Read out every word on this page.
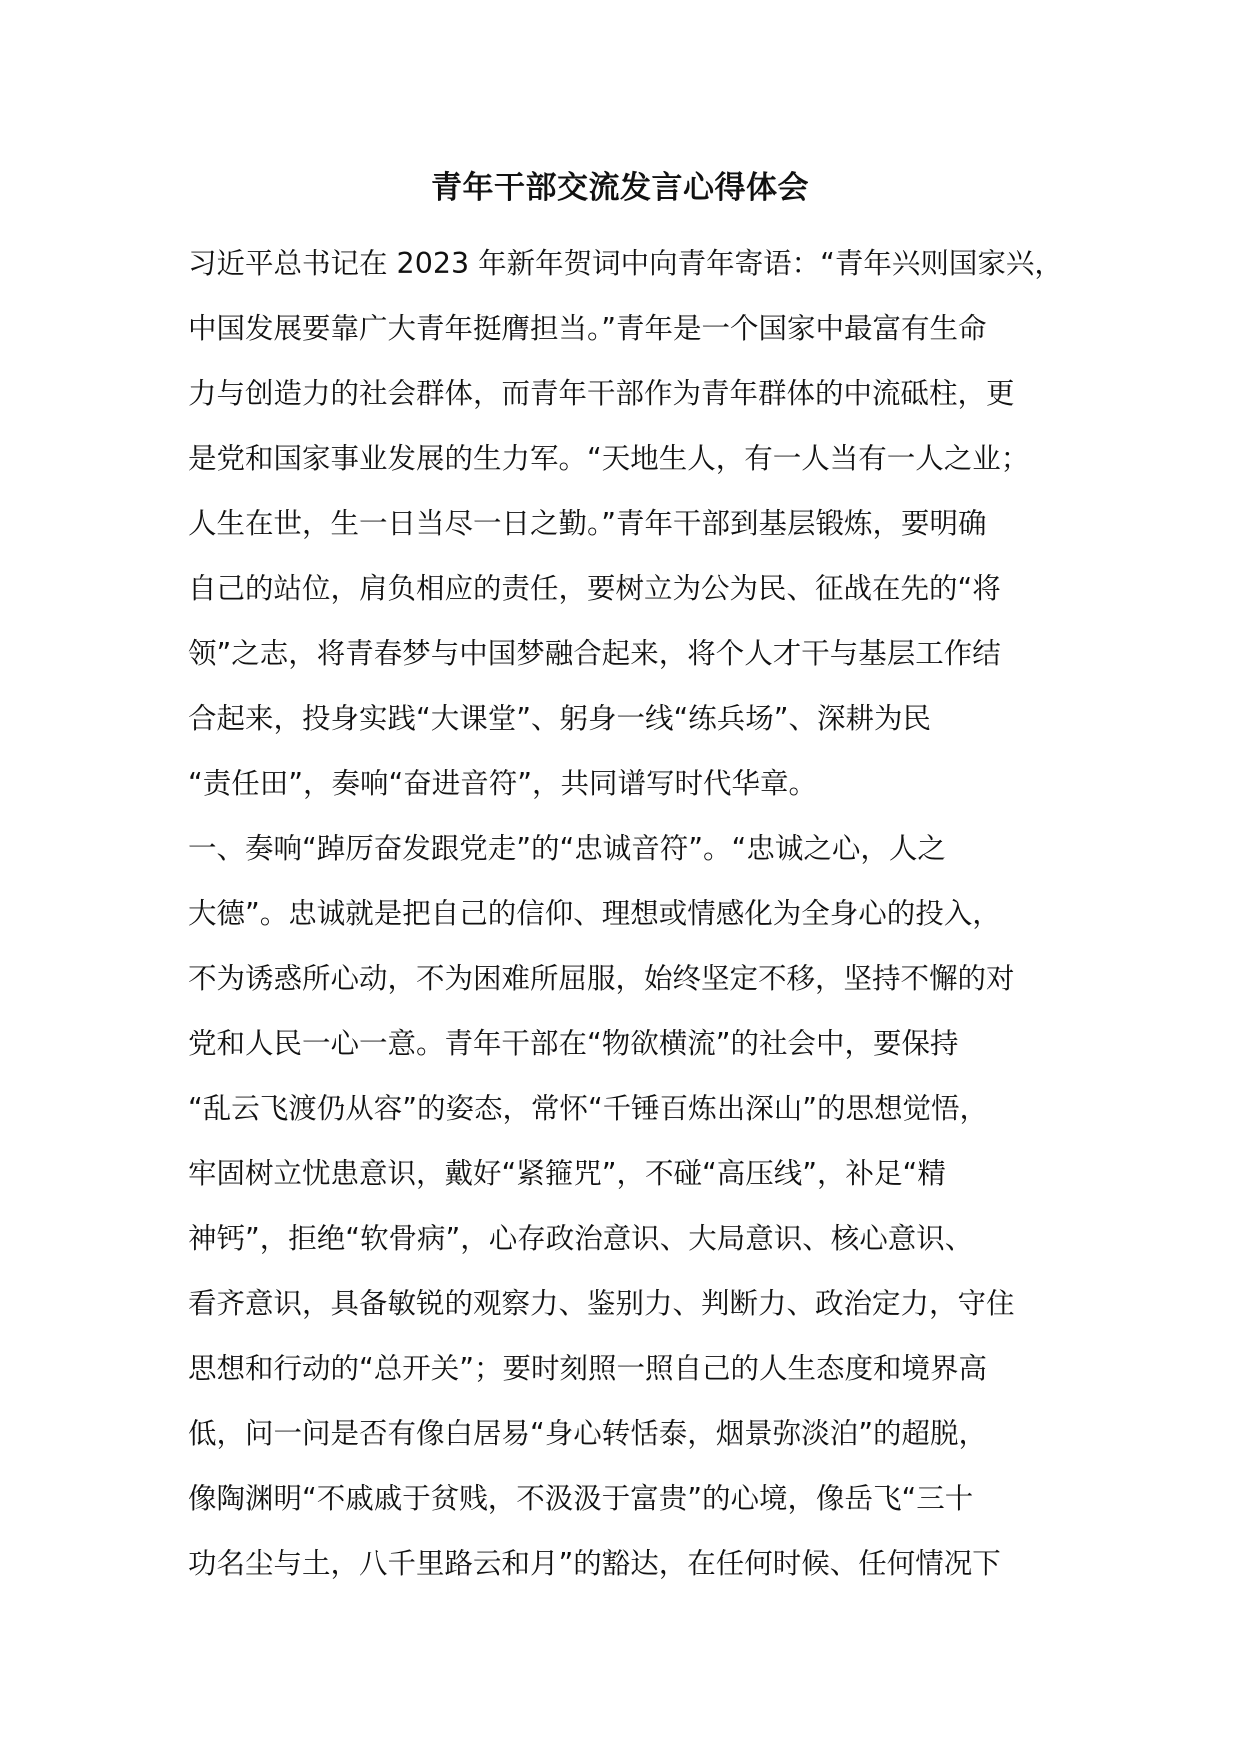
青年干部交流发言心得体会
习近平总书记在 2023 年新年贺词中向青年寄语：“青年兴则国家兴，
中国发展要靠广大青年挺膺担当。”青年是一个国家中最富有生命
力与创造力的社会群体，而青年干部作为青年群体的中流砥柱，更
是党和国家事业发展的生力军。“天地生人，有一人当有一人之业；
人生在世，生一日当尽一日之勤。”青年干部到基层锻炼，要明确
自己的站位，肩负相应的责任，要树立为公为民、征战在先的“将
领”之志，将青春梦与中国梦融合起来，将个人才干与基层工作结
合起来，投身实践“大课堂”、躬身一线“练兵场”、深耕为民
“责任田”，奏响“奋进音符”，共同谱写时代华章。
一、奏响“踔厉奋发跟党走”的“忠诚音符”。“忠诚之心，人之
大德”。忠诚就是把自己的信仰、理想或情感化为全身心的投入，
不为诱惑所心动，不为困难所屈服，始终坚定不移，坚持不懈的对
党和人民一心一意。青年干部在“物欲横流”的社会中，要保持
“乱云飞渡仍从容”的姿态，常怀“千锤百炼出深山”的思想觉悟，
牢固树立忧患意识，戴好“紧箍咒”，不碰“高压线”，补足“精
神钙”，拒绝“软骨病”，心存政治意识、大局意识、核心意识、
看齐意识，具备敏锐的观察力、鉴别力、判断力、政治定力，守住
思想和行动的“总开关”；要时刻照一照自己的人生态度和境界高
低，问一问是否有像白居易“身心转恬泰，烟景弥淡泊”的超脱，
像陶渊明“不戚戚于贫贱，不汲汲于富贵”的心境，像岳飞“三十
功名尘与土，八千里路云和月”的豁达，在任何时候、任何情况下
